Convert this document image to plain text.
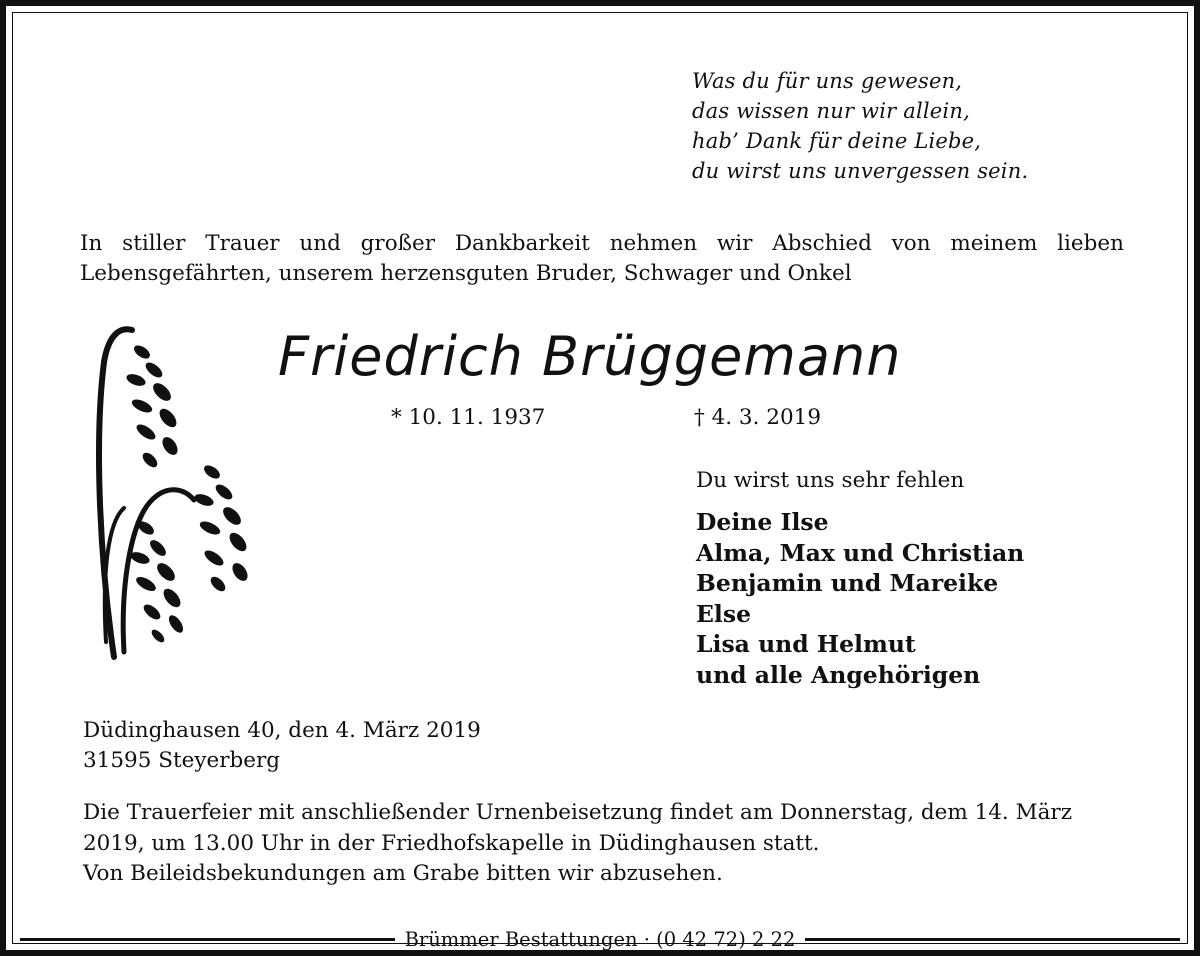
Was du für uns gewesen,
das wissen nur wir allein,
hab’ Dank für deine Liebe,
du wirst uns unvergessen sein.
In stiller Trauer und großer Dankbarkeit nehmen wir Abschied von meinem lieben
Lebensgefährten, unserem herzensguten Bruder, Schwager und Onkel
Friedrich Brüggemann
* 10. 11. 1937	† 4. 3. 2019
Du wirst uns sehr fehlen
Deine Ilse
Alma, Max und Christian
Benjamin und Mareike
Else
Lisa und Helmut
und alle Angehörigen
Düdinghausen 40, den 4. März 2019
31595 Steyerberg
Die Trauerfeier mit anschließender Urnenbeisetzung findet am Donnerstag, dem 14. März
2019, um 13.00 Uhr in der Friedhofskapelle in Düdinghausen statt.
Von Beileidsbekundungen am Grabe bitten wir abzusehen.
Brümmer Bestattungen · (0 42 72) 2 22
